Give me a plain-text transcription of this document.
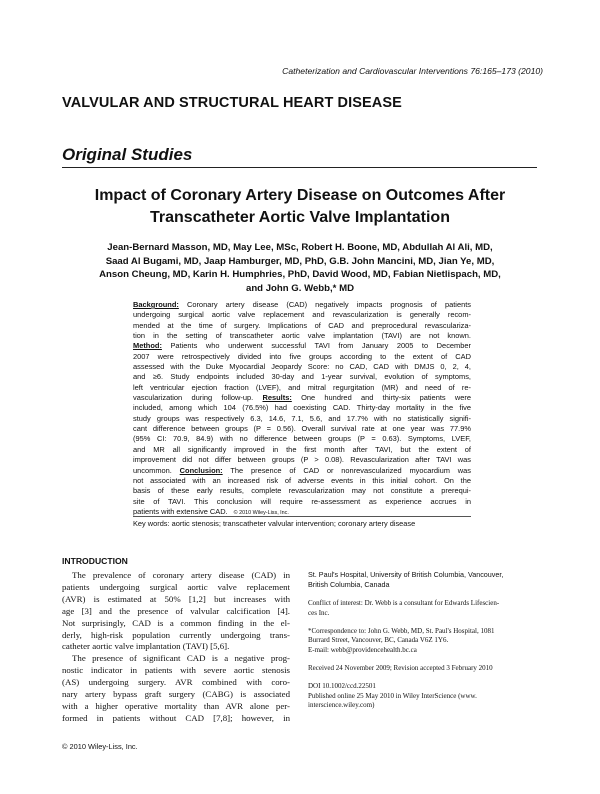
Catheterization and Cardiovascular Interventions 76:165–173 (2010)
VALVULAR AND STRUCTURAL HEART DISEASE
Original Studies
Impact of Coronary Artery Disease on Outcomes After
Transcatheter Aortic Valve Implantation
Jean-Bernard Masson, MD, May Lee, MSc, Robert H. Boone, MD, Abdullah Al Ali, MD,
Saad Al Bugami, MD, Jaap Hamburger, MD, PhD, G.B. John Mancini, MD, Jian Ye, MD,
Anson Cheung, MD, Karin H. Humphries, PhD, David Wood, MD, Fabian Nietlispach, MD,
and John G. Webb,* MD
Background: Coronary artery disease (CAD) negatively impacts prognosis of patients
undergoing surgical aortic valve replacement and revascularization is generally recom-
mended at the time of surgery. Implications of CAD and preprocedural revasculariza-
tion in the setting of transcatheter aortic valve implantation (TAVI) are not known.
Method: Patients who underwent successful TAVI from January 2005 to December
2007 were retrospectively divided into five groups according to the extent of CAD
assessed with the Duke Myocardial Jeopardy Score: no CAD, CAD with DMJS 0, 2, 4,
and ≥6. Study endpoints included 30-day and 1-year survival, evolution of symptoms,
left ventricular ejection fraction (LVEF), and mitral regurgitation (MR) and need of re-
vascularization during follow-up. Results: One hundred and thirty-six patients were
included, among which 104 (76.5%) had coexisting CAD. Thirty-day mortality in the five
study groups was respectively 6.3, 14.6, 7.1, 5.6, and 17.7% with no statistically signifi-
cant difference between groups (P = 0.56). Overall survival rate at one year was 77.9%
(95% CI: 70.9, 84.9) with no difference between groups (P = 0.63). Symptoms, LVEF,
and MR all significantly improved in the first month after TAVI, but the extent of
improvement did not differ between groups (P > 0.08). Revascularization after TAVI was
uncommon. Conclusion: The presence of CAD or nonrevascularized myocardium was
not associated with an increased risk of adverse events in this initial cohort. On the
basis of these early results, complete revascularization may not constitute a prerequi-
site of TAVI. This conclusion will require re-assessment as experience accrues in
patients with extensive CAD. © 2010 Wiley-Liss, Inc.
Key words: aortic stenosis; transcatheter valvular intervention; coronary artery disease
INTRODUCTION
The prevalence of coronary artery disease (CAD) in
patients undergoing surgical aortic valve replacement
(AVR) is estimated at 50% [1,2] but increases with
age [3] and the presence of valvular calcification [4].
Not surprisingly, CAD is a common finding in the el-
derly, high-risk population currently undergoing trans-
catheter aortic valve implantation (TAVI) [5,6].
The presence of significant CAD is a negative prog-
nostic indicator in patients with severe aortic stenosis
(AS) undergoing surgery. AVR combined with coro-
nary artery bypass graft surgery (CABG) is associated
with a higher operative mortality than AVR alone per-
formed in patients without CAD [7,8]; however, in
St. Paul's Hospital, University of British Columbia, Vancouver,
British Columbia, Canada
Conflict of interest: Dr. Webb is a consultant for Edwards Lifescien-
ces Inc.
*Correspondence to: John G. Webb, MD, St. Paul's Hospital, 1081
Burrard Street, Vancouver, BC, Canada V6Z 1Y6.
E-mail: webb@providencehealth.bc.ca
Received 24 November 2009; Revision accepted 3 February 2010
DOI 10.1002/ccd.22501
Published online 25 May 2010 in Wiley InterScience (www.
interscience.wiley.com)
© 2010 Wiley-Liss, Inc.
